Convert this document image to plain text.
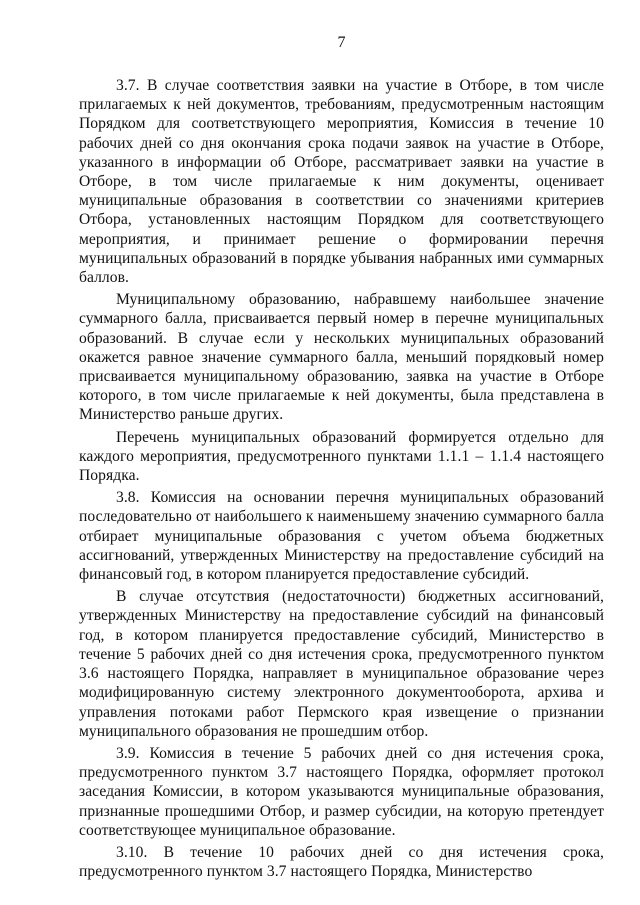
7

3.7. В случае соответствия заявки на участие в Отборе, в том числе прилагаемых к ней документов, требованиям, предусмотренным настоящим Порядком для соответствующего мероприятия, Комиссия в течение 10 рабочих дней со дня окончания срока подачи заявок на участие в Отборе, указанного в информации об Отборе, рассматривает заявки на участие в Отборе, в том числе прилагаемые к ним документы, оценивает муниципальные образования в соответствии со значениями критериев Отбора, установленных настоящим Порядком для соответствующего мероприятия, и принимает решение о формировании перечня муниципальных образований в порядке убывания набранных ими суммарных баллов.

Муниципальному образованию, набравшему наибольшее значение суммарного балла, присваивается первый номер в перечне муниципальных образований. В случае если у нескольких муниципальных образований окажется равное значение суммарного балла, меньший порядковый номер присваивается муниципальному образованию, заявка на участие в Отборе которого, в том числе прилагаемые к ней документы, была представлена в Министерство раньше других.

Перечень муниципальных образований формируется отдельно для каждого мероприятия, предусмотренного пунктами 1.1.1 – 1.1.4 настоящего Порядка.

3.8. Комиссия на основании перечня муниципальных образований последовательно от наибольшего к наименьшему значению суммарного балла отбирает муниципальные образования с учетом объема бюджетных ассигнований, утвержденных Министерству на предоставление субсидий на финансовый год, в котором планируется предоставление субсидий.

В случае отсутствия (недостаточности) бюджетных ассигнований, утвержденных Министерству на предоставление субсидий на финансовый год, в котором планируется предоставление субсидий, Министерство в течение 5 рабочих дней со дня истечения срока, предусмотренного пунктом 3.6 настоящего Порядка, направляет в муниципальное образование через модифицированную систему электронного документооборота, архива и управления потоками работ Пермского края извещение о признании муниципального образования не прошедшим отбор.

3.9. Комиссия в течение 5 рабочих дней со дня истечения срока, предусмотренного пунктом 3.7 настоящего Порядка, оформляет протокол заседания Комиссии, в котором указываются муниципальные образования, признанные прошедшими Отбор, и размер субсидии, на которую претендует соответствующее муниципальное образование.

3.10. В течение 10 рабочих дней со дня истечения срока, предусмотренного пунктом 3.7 настоящего Порядка, Министерство
